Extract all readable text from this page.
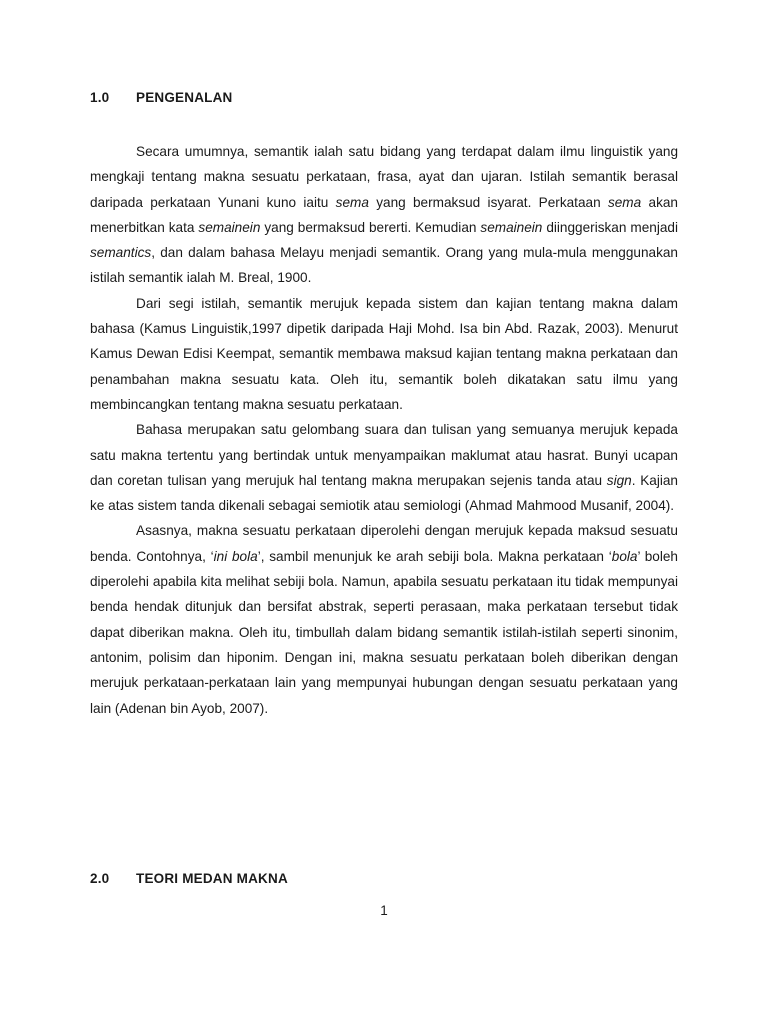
1.0 PENGENALAN

Secara umumnya, semantik ialah satu bidang yang terdapat dalam ilmu linguistik yang mengkaji tentang makna sesuatu perkataan, frasa, ayat dan ujaran. Istilah semantik berasal daripada perkataan Yunani kuno iaitu sema yang bermaksud isyarat. Perkataan sema akan menerbitkan kata semainein yang bermaksud bererti. Kemudian semainein diinggeriskan menjadi semantics, dan dalam bahasa Melayu menjadi semantik. Orang yang mula-mula menggunakan istilah semantik ialah M. Breal, 1900.

Dari segi istilah, semantik merujuk kepada sistem dan kajian tentang makna dalam bahasa (Kamus Linguistik,1997 dipetik daripada Haji Mohd. Isa bin Abd. Razak, 2003). Menurut Kamus Dewan Edisi Keempat, semantik membawa maksud kajian tentang makna perkataan dan penambahan makna sesuatu kata. Oleh itu, semantik boleh dikatakan satu ilmu yang membincangkan tentang makna sesuatu perkataan.

Bahasa merupakan satu gelombang suara dan tulisan yang semuanya merujuk kepada satu makna tertentu yang bertindak untuk menyampaikan maklumat atau hasrat. Bunyi ucapan dan coretan tulisan yang merujuk hal tentang makna merupakan sejenis tanda atau sign. Kajian ke atas sistem tanda dikenali sebagai semiotik atau semiologi (Ahmad Mahmood Musanif, 2004).

Asasnya, makna sesuatu perkataan diperolehi dengan merujuk kepada maksud sesuatu benda. Contohnya, ‘ini bola’, sambil menunjuk ke arah sebiji bola. Makna perkataan ‘bola’ boleh diperolehi apabila kita melihat sebiji bola. Namun, apabila sesuatu perkataan itu tidak mempunyai benda hendak ditunjuk dan bersifat abstrak, seperti perasaan, maka perkataan tersebut tidak dapat diberikan makna. Oleh itu, timbullah dalam bidang semantik istilah-istilah seperti sinonim, antonim, polisim dan hiponim. Dengan ini, makna sesuatu perkataan boleh diberikan dengan merujuk perkataan-perkataan lain yang mempunyai hubungan dengan sesuatu perkataan yang lain (Adenan bin Ayob, 2007).

2.0 TEORI MEDAN MAKNA
1
